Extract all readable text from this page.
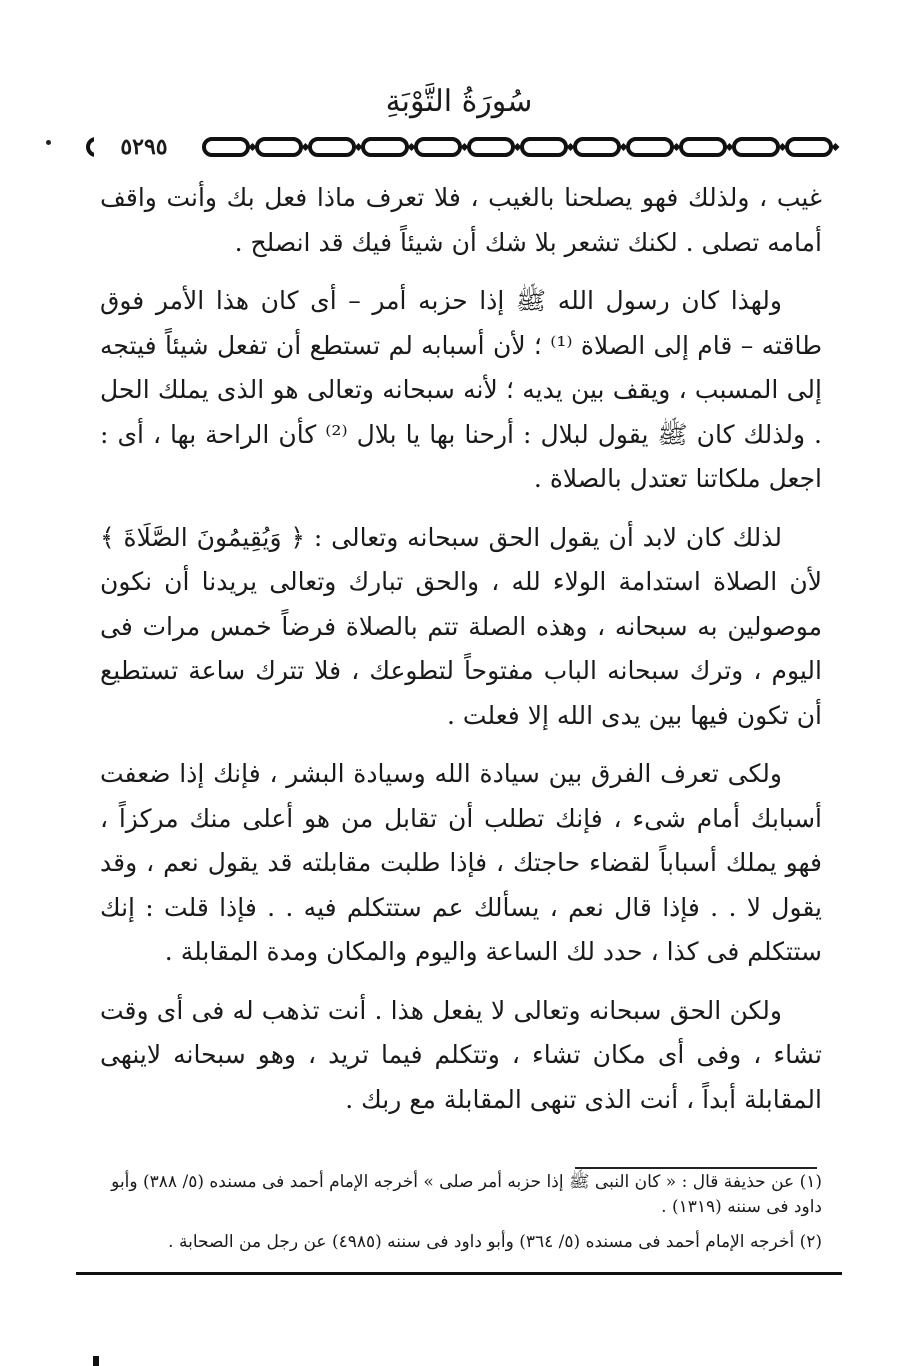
سُورَةُ التَّوْبَةِ
٥٢٩٥

غيب ، ولذلك فهو يصلحنا بالغيب ، فلا تعرف ماذا فعل بك وأنت واقف أمامه تصلى . لكنك تشعر بلا شك أن شيئاً فيك قد انصلح .

ولهذا كان رسول الله ﷺ إذا حزبه أمر – أى كان هذا الأمر فوق طاقته – قام إلى الصلاة ⁽¹⁾ ؛ لأن أسبابه لم تستطع أن تفعل شيئاً فيتجه إلى المسبب ، ويقف بين يديه ؛ لأنه سبحانه وتعالى هو الذى يملك الحل . ولذلك كان ﷺ يقول لبلال : أرحنا بها يا بلال ⁽²⁾ كأن الراحة بها ، أى : اجعل ملكاتنا تعتدل بالصلاة .

لذلك كان لابد أن يقول الحق سبحانه وتعالى : ﴿ وَيُقِيمُونَ الصَّلَاةَ ﴾ لأن الصلاة استدامة الولاء لله ، والحق تبارك وتعالى يريدنا أن نكون موصولين به سبحانه ، وهذه الصلة تتم بالصلاة فرضاً خمس مرات فى اليوم ، وترك سبحانه الباب مفتوحاً لتطوعك ، فلا تترك ساعة تستطيع أن تكون فيها بين يدى الله إلا فعلت .

ولكى تعرف الفرق بين سيادة الله وسيادة البشر ، فإنك إذا ضعفت أسبابك أمام شىء ، فإنك تطلب أن تقابل من هو أعلى منك مركزاً ، فهو يملك أسباباً لقضاء حاجتك ، فإذا طلبت مقابلته قد يقول نعم ، وقد يقول لا . . فإذا قال نعم ، يسألك عم ستتكلم فيه . . فإذا قلت : إنك ستتكلم فى كذا ، حدد لك الساعة واليوم والمكان ومدة المقابلة .

ولكن الحق سبحانه وتعالى لا يفعل هذا . أنت تذهب له فى أى وقت تشاء ، وفى أى مكان تشاء ، وتتكلم فيما تريد ، وهو سبحانه لاينهى المقابلة أبداً ، أنت الذى تنهى المقابلة مع ربك .

(١) عن حذيفة قال : « كان النبى ﷺ إذا حزبه أمر صلى » أخرجه الإمام أحمد فى مسنده (٥/ ٣٨٨) وأبو داود فى سننه (١٣١٩) .

(٢) أخرجه الإمام أحمد فى مسنده (٥/ ٣٦٤) وأبو داود فى سننه (٤٩٨٥) عن رجل من الصحابة .
